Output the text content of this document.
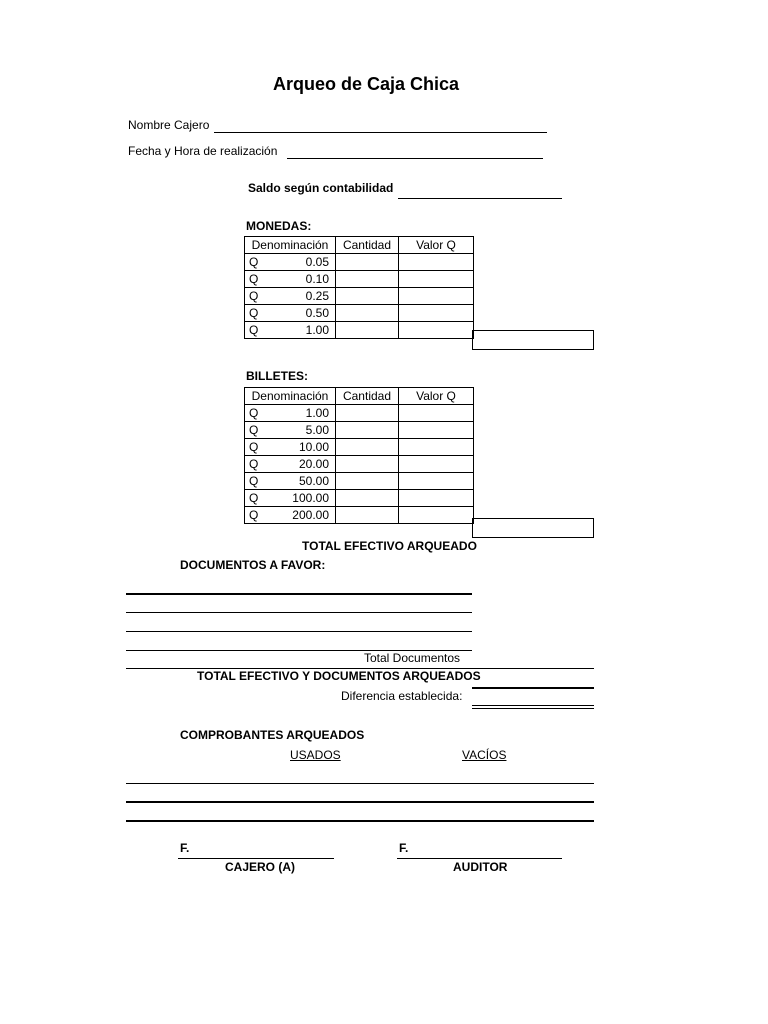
Arqueo de Caja Chica
Nombre Cajero
Fecha y Hora de realización
Saldo según contabilidad
MONEDAS:
Denominación	Cantidad	Valor Q

Q 0.05		

Q 0.10		

Q 0.25		

Q 0.50		

Q 1.00		

BILLETES:
Denominación	Cantidad	Valor Q

Q 1.00		

Q 5.00		

Q 10.00		

Q 20.00		

Q 50.00		

Q 100.00		

Q 200.00		

TOTAL EFECTIVO ARQUEADO
DOCUMENTOS A FAVOR:
Total Documentos
TOTAL EFECTIVO Y DOCUMENTOS ARQUEADOS
Diferencia establecida:
COMPROBANTES ARQUEADOS
USADOS	VACÍOS
F.
CAJERO (A)
F.
AUDITOR
